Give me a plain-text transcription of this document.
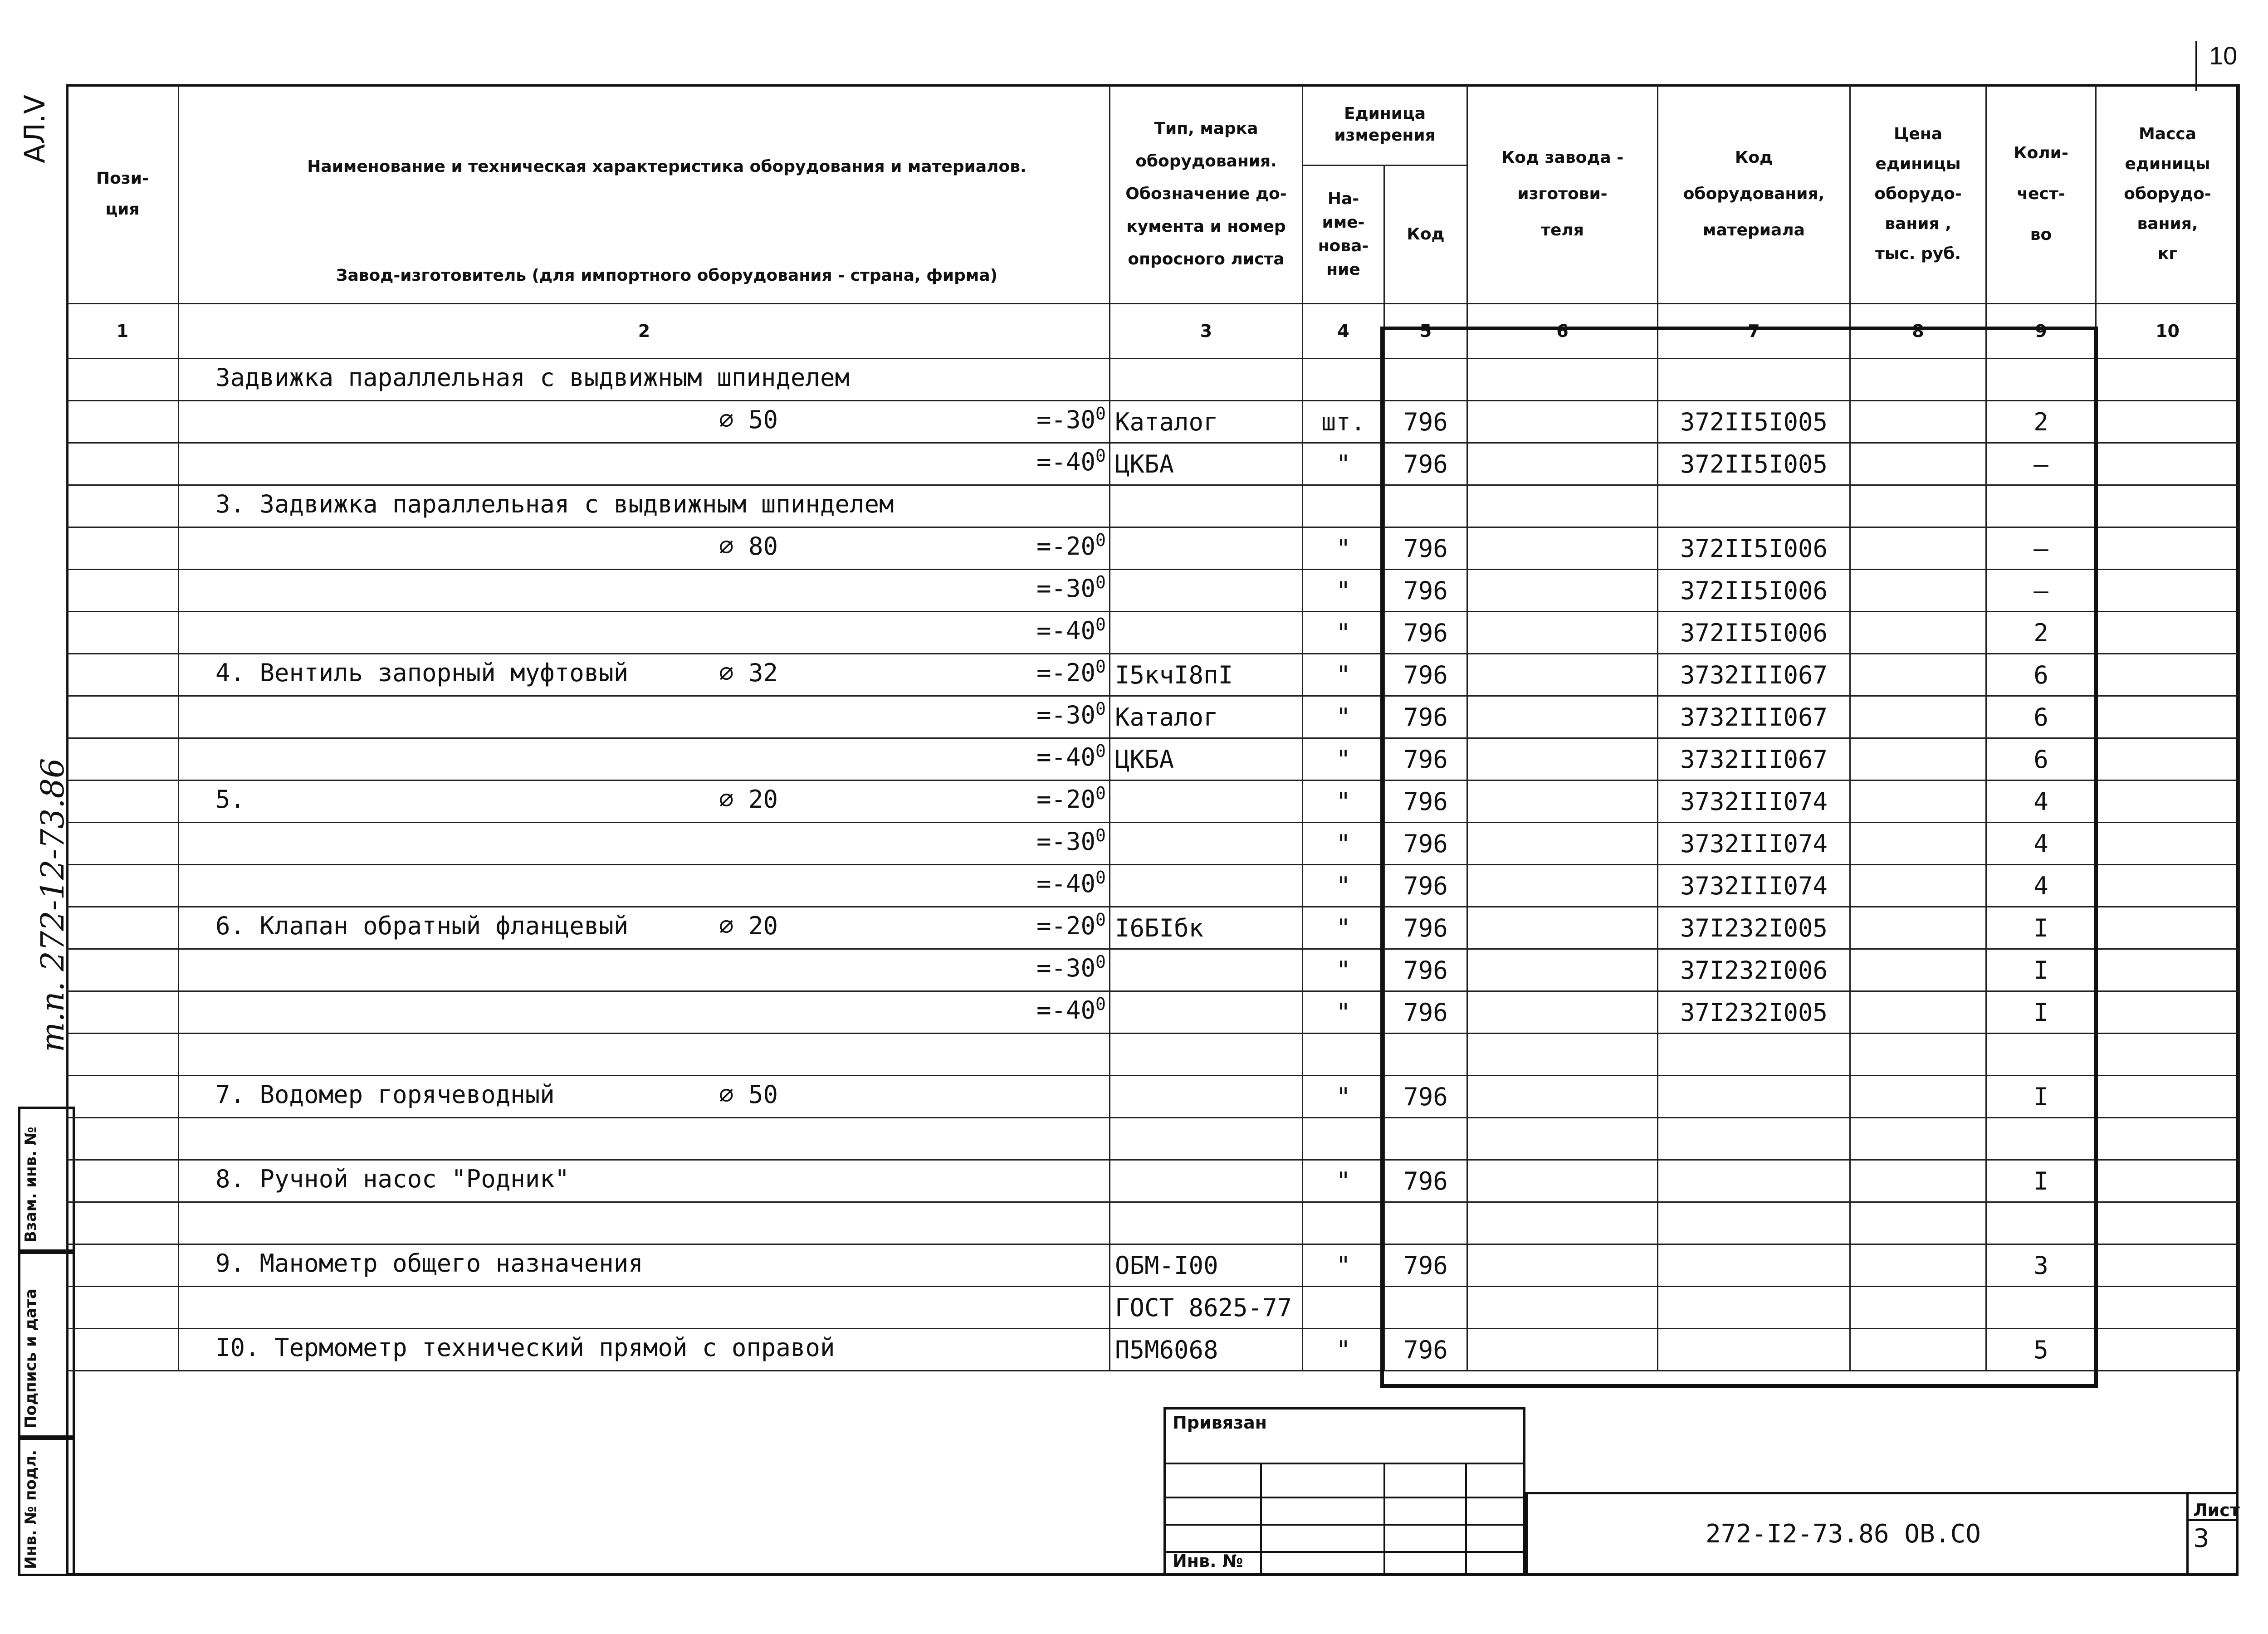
10
АЛ.V
т.п. 272-12-73.86
Взам. инв. №
Подпись и дата
Инв. № подл.
Пози-
ция	Наименование и техническая характеристика оборудования и материалов.

Завод-изготовитель (для импортного оборудования - страна, фирма)	Тип, марка
оборудования.
Обозначение до-
кумента и номер
опросного листа	Единица
измерения		Код завода -
изготови-
теля	Код
оборудования,
материала	Цена
единицы
оборудо-
вания ,
тыс. руб.	Коли-
чест-
во	Масса
единицы
оборудо-
вания,
кг
			На-
име-
нова-
ние	Код					
1	2	3	4	5	6	7	8	9	10

	Задвижка параллельная с выдвижным шпинделем								

	⌀ $50 =-30^0$	Каталог	шт.	796		372II5I005		2	

	$=-40^0$	ЦКБА	"	796		372II5I005		–	

	3. Задвижка параллельная с выдвижным шпинделем								

	⌀ $80 =-20^0$		"	796		372II5I006		–	

	$=-30^0$		"	796		372II5I006		–	

	$=-40^0$		"	796		372II5I006		2	

	4. Вентиль запорный муфтовый ⌀ $32 =-20^0$	I5кчI8пI	"	796		3732III067		6	

	$=-30^0$	Каталог	"	796		3732III067		6	

	$=-40^0$	ЦКБА	"	796		3732III067		6	

	5. ⌀ $20 =-20^0$		"	796		3732III074		4	

	$=-30^0$		"	796		3732III074		4	

	$=-40^0$		"	796		3732III074		4	

	6. Клапан обратный фланцевый ⌀ $20 =-20^0$	I6БIбк	"	796		37I232I005		I	

	$=-30^0$		"	796		37I232I006		I	

	$=-40^0$		"	796		37I232I005		I	

	7. Водомер горячеводный ⌀ 50		"	796				I	

	8. Ручной насос "Родник"		"	796				I	

	9. Манометр общего назначения	ОБМ-I00	"	796				3	

	ГОСТ 8625-77							

	I0. Термометр технический прямой с оправой	П5М6068	"	796				5	
Привязан
Инв. №
272-I2-73.86 ОВ.СО
Лист
3
